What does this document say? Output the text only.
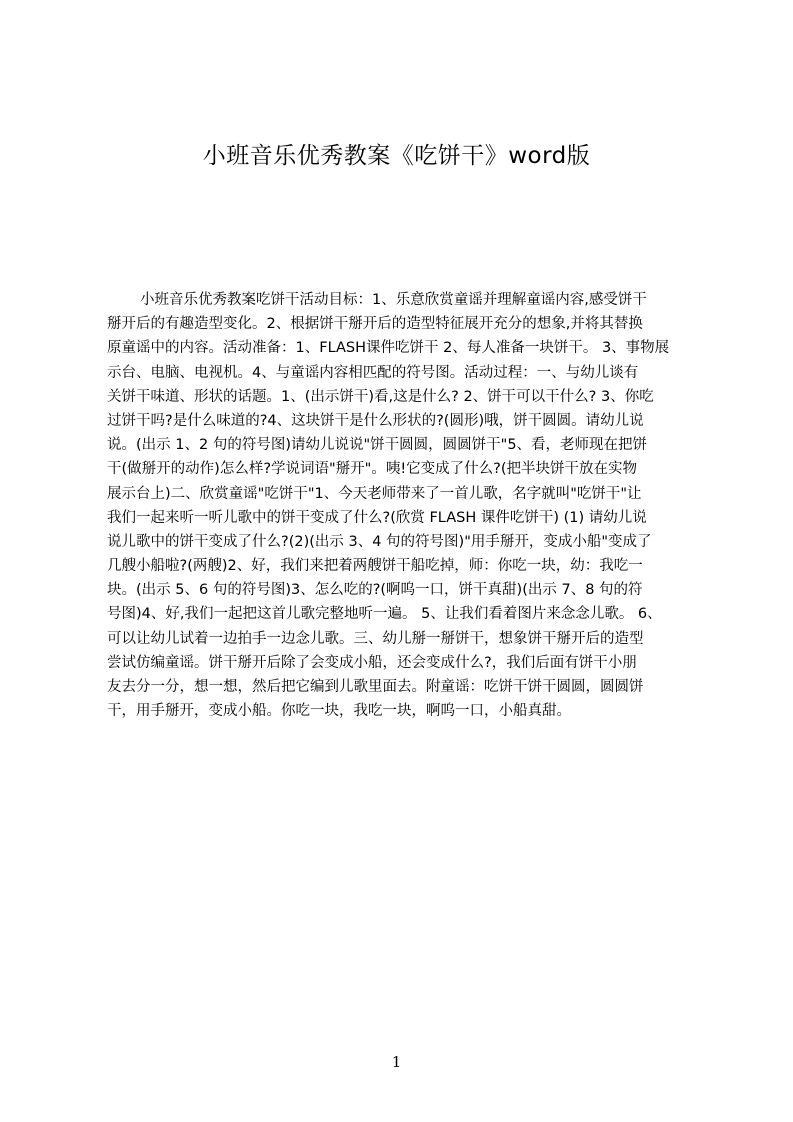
小班音乐优秀教案《吃饼干》word版
小班音乐优秀教案吃饼干活动目标：1、乐意欣赏童谣并理解童谣内容,感受饼干
掰开后的有趣造型变化。2、根据饼干掰开后的造型特征展开充分的想象,并将其替换
原童谣中的内容。活动准备：1、FLASH课件吃饼干 2、每人准备一块饼干。 3、事物展
示台、电脑、电视机。4、与童谣内容相匹配的符号图。活动过程：一、与幼儿谈有
关饼干味道、形状的话题。1、(出示饼干)看,这是什么? 2、饼干可以干什么? 3、你吃
过饼干吗?是什么味道的?4、这块饼干是什么形状的?(圆形)哦，饼干圆圆。请幼儿说
说。(出示 1、2 句的符号图)请幼儿说说"饼干圆圆，圆圆饼干"5、看，老师现在把饼
干(做掰开的动作)怎么样?学说词语"掰开"。咦!它变成了什么?(把半块饼干放在实物
展示台上)二、欣赏童谣"吃饼干"1、今天老师带来了一首儿歌，名字就叫"吃饼干"让
我们一起来听一听儿歌中的饼干变成了什么?(欣赏 FLASH 课件吃饼干) (1) 请幼儿说
说儿歌中的饼干变成了什么?(2)(出示 3、4 句的符号图)"用手掰开，变成小船"变成了
几艘小船啦?(两艘)2、好，我们来把着两艘饼干船吃掉，师：你吃一块，幼：我吃一
块。(出示 5、6 句的符号图)3、怎么吃的?(啊呜一口，饼干真甜)(出示 7、8 句的符
号图)4、好,我们一起把这首儿歌完整地听一遍。 5、让我们看着图片来念念儿歌。 6、
可以让幼儿试着一边拍手一边念儿歌。三、幼儿掰一掰饼干，想象饼干掰开后的造型
尝试仿编童谣。饼干掰开后除了会变成小船，还会变成什么?，我们后面有饼干小朋
友去分一分，想一想，然后把它编到儿歌里面去。附童谣：吃饼干饼干圆圆，圆圆饼
干，用手掰开，变成小船。你吃一块，我吃一块，啊呜一口，小船真甜。
1
